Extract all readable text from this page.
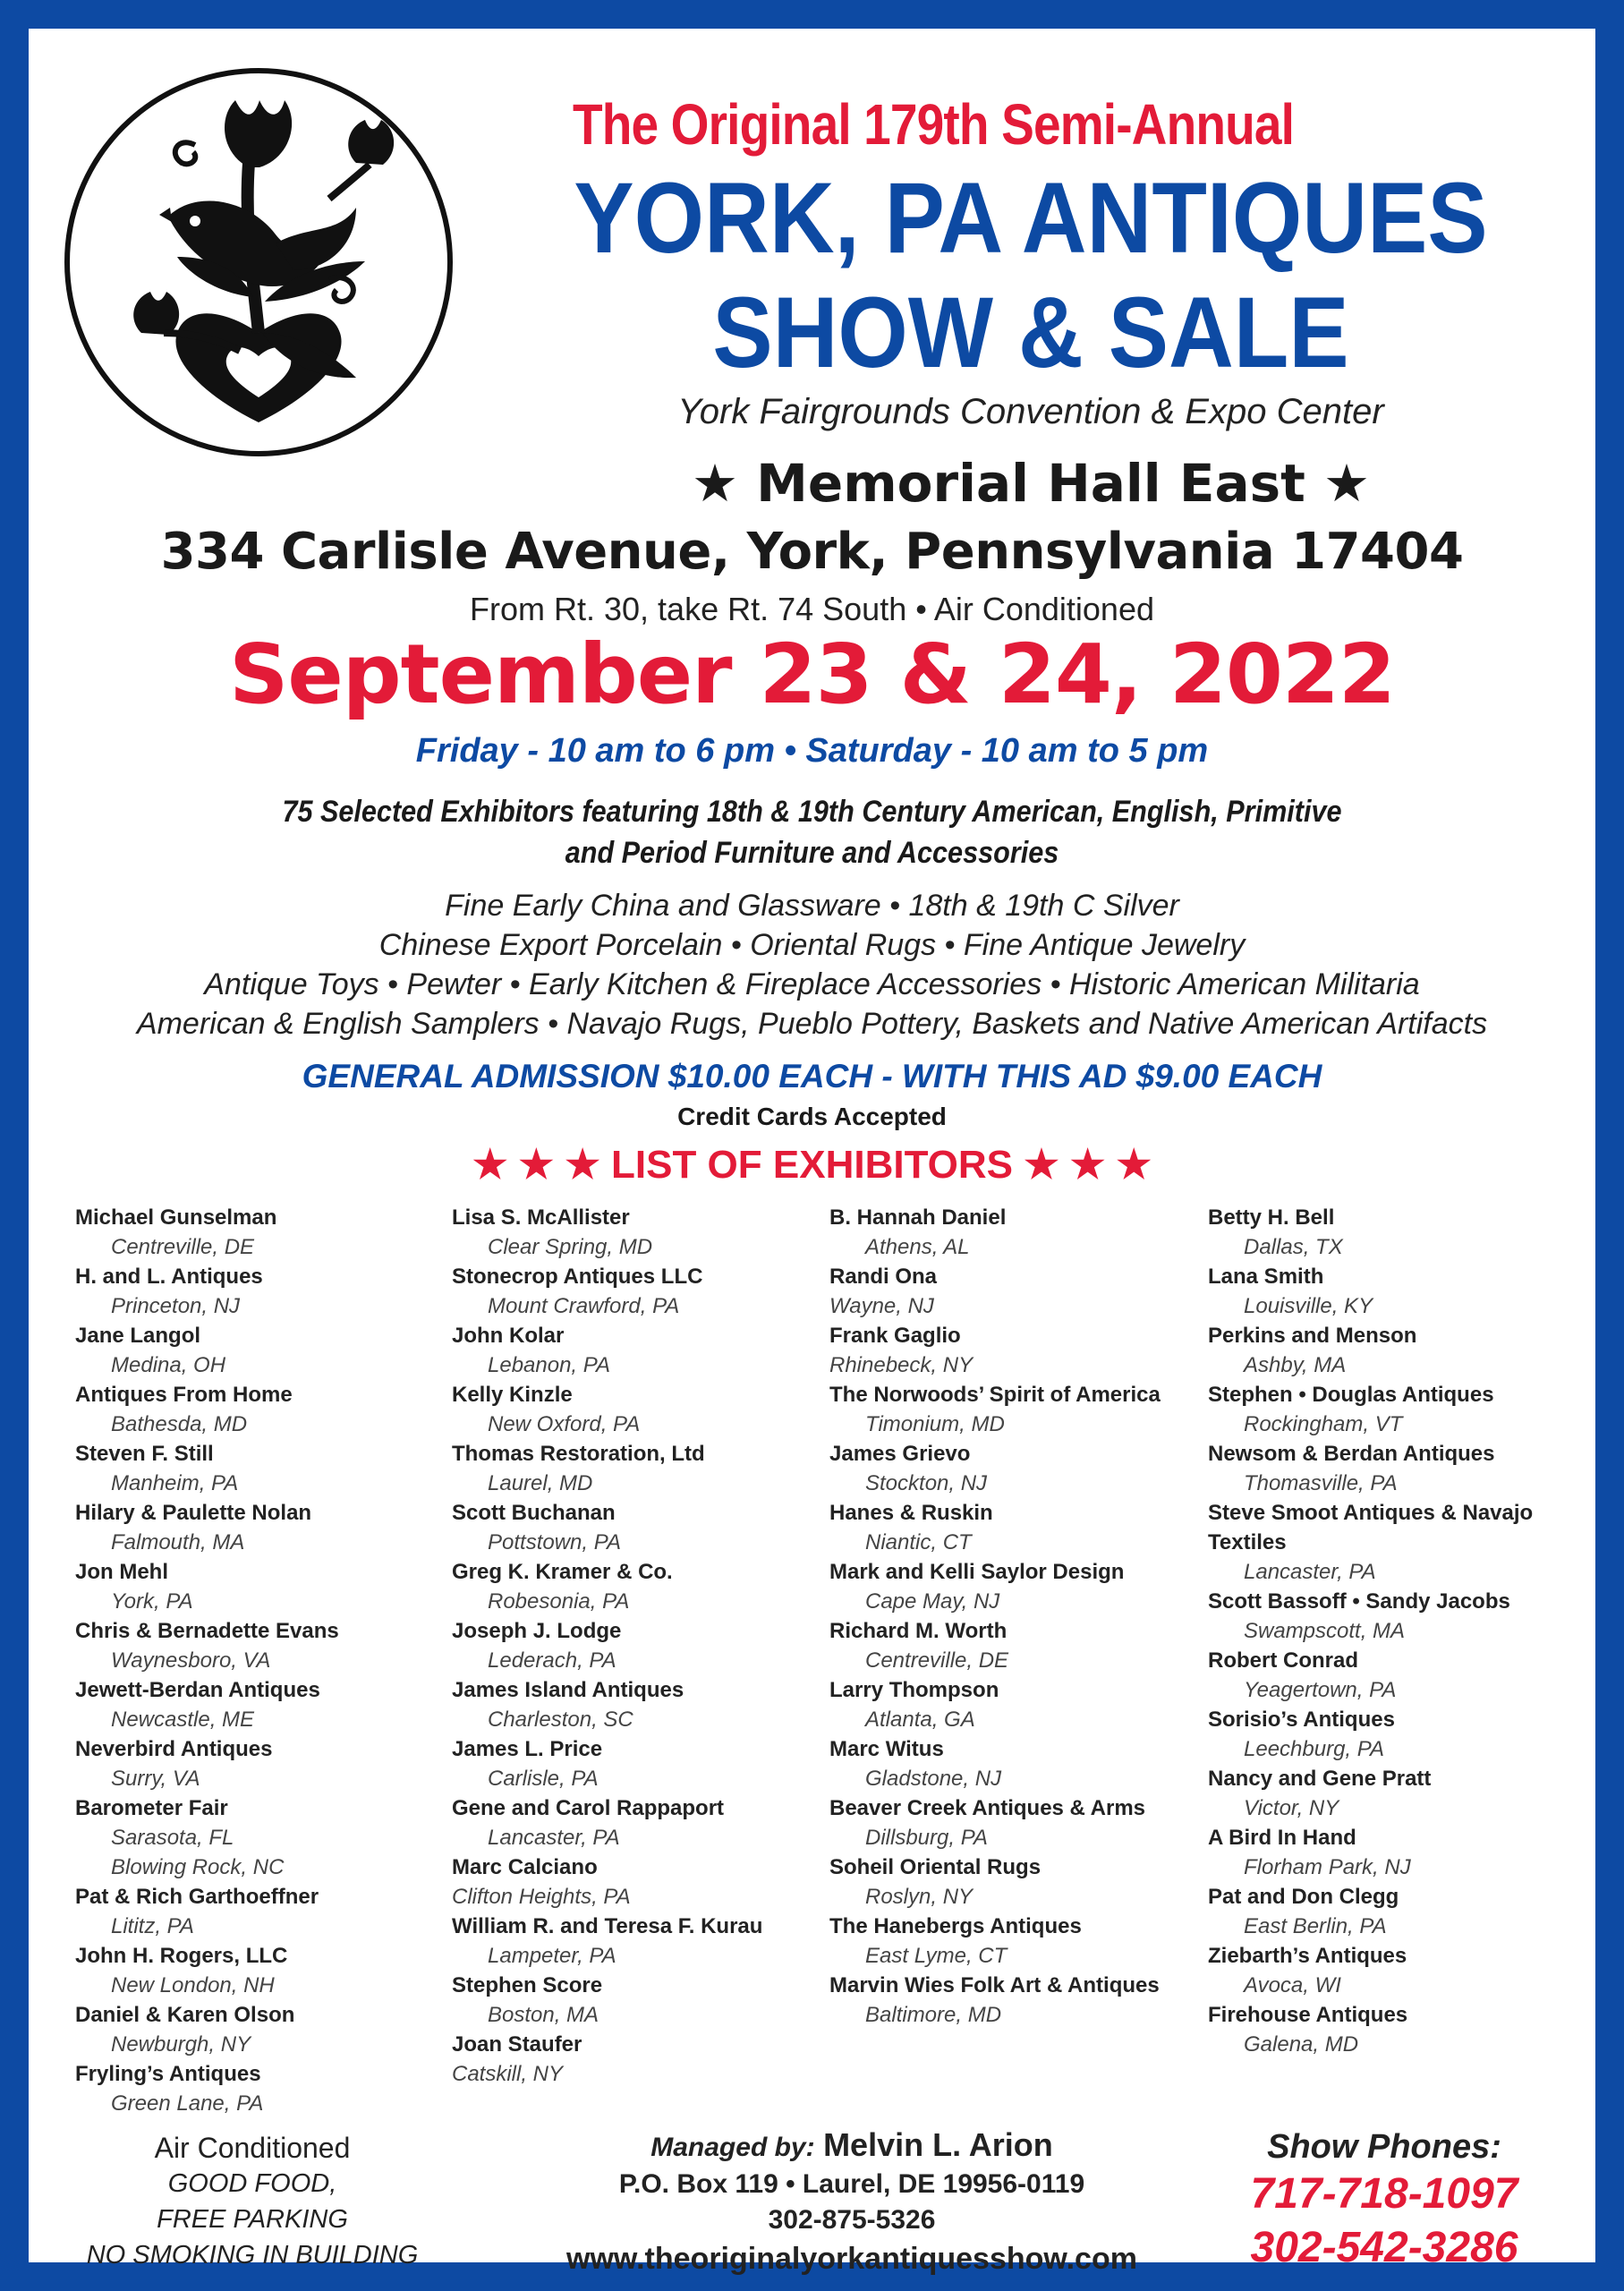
The Original 179th Semi-Annual
YORK, PA ANTIQUES
SHOW & SALE
York Fairgrounds Convention & Expo Center
★ Memorial Hall East ★
334 Carlisle Avenue, York, Pennsylvania 17404
From Rt. 30, take Rt. 74 South • Air Conditioned
September 23 & 24, 2022
Friday - 10 am to 6 pm • Saturday - 10 am to 5 pm
75 Selected Exhibitors featuring 18th & 19th Century American, English, Primitive
and Period Furniture and Accessories
Fine Early China and Glassware • 18th & 19th C Silver
Chinese Export Porcelain • Oriental Rugs • Fine Antique Jewelry
Antique Toys • Pewter • Early Kitchen & Fireplace Accessories • Historic American Militaria
American & English Samplers • Navajo Rugs, Pueblo Pottery, Baskets and Native American Artifacts
GENERAL ADMISSION $10.00 EACH - WITH THIS AD $9.00 EACH
Credit Cards Accepted
★ ★ ★ LIST OF EXHIBITORS ★ ★ ★
Michael Gunselman
Centreville, DE
H. and L. Antiques
Princeton, NJ
Jane Langol
Medina, OH
Antiques From Home
Bathesda, MD
Steven F. Still
Manheim, PA
Hilary & Paulette Nolan
Falmouth, MA
Jon Mehl
York, PA
Chris & Bernadette Evans
Waynesboro, VA
Jewett-Berdan Antiques
Newcastle, ME
Neverbird Antiques
Surry, VA
Barometer Fair
Sarasota, FL
Blowing Rock, NC
Pat & Rich Garthoeffner
Lititz, PA
John H. Rogers, LLC
New London, NH
Daniel & Karen Olson
Newburgh, NY
Fryling’s Antiques
Green Lane, PA
Lisa S. McAllister
Clear Spring, MD
Stonecrop Antiques LLC
Mount Crawford, PA
John Kolar
Lebanon, PA
Kelly Kinzle
New Oxford, PA
Thomas Restoration, Ltd
Laurel, MD
Scott Buchanan
Pottstown, PA
Greg K. Kramer & Co.
Robesonia, PA
Joseph J. Lodge
Lederach, PA
James Island Antiques
Charleston, SC
James L. Price
Carlisle, PA
Gene and Carol Rappaport
Lancaster, PA
Marc Calciano
Clifton Heights, PA
William R. and Teresa F. Kurau
Lampeter, PA
Stephen Score
Boston, MA
Joan Staufer
Catskill, NY
B. Hannah Daniel
Athens, AL
Randi Ona
Wayne, NJ
Frank Gaglio
Rhinebeck, NY
The Norwoods’ Spirit of America
Timonium, MD
James Grievo
Stockton, NJ
Hanes & Ruskin
Niantic, CT
Mark and Kelli Saylor Design
Cape May, NJ
Richard M. Worth
Centreville, DE
Larry Thompson
Atlanta, GA
Marc Witus
Gladstone, NJ
Beaver Creek Antiques & Arms
Dillsburg, PA
Soheil Oriental Rugs
Roslyn, NY
The Hanebergs Antiques
East Lyme, CT
Marvin Wies Folk Art & Antiques
Baltimore, MD
Betty H. Bell
Dallas, TX
Lana Smith
Louisville, KY
Perkins and Menson
Ashby, MA
Stephen • Douglas Antiques
Rockingham, VT
Newsom & Berdan Antiques
Thomasville, PA
Steve Smoot Antiques & Navajo Textiles
Lancaster, PA
Scott Bassoff • Sandy Jacobs
Swampscott, MA
Robert Conrad
Yeagertown, PA
Sorisio’s Antiques
Leechburg, PA
Nancy and Gene Pratt
Victor, NY
A Bird In Hand
Florham Park, NJ
Pat and Don Clegg
East Berlin, PA
Ziebarth’s Antiques
Avoca, WI
Firehouse Antiques
Galena, MD
Air Conditioned
GOOD FOOD,
FREE PARKING
NO SMOKING IN BUILDING
Managed by: Melvin L. Arion
P.O. Box 119 • Laurel, DE 19956-0119
302-875-5326
www.theoriginalyorkantiquesshow.com
Show Phones:
717-718-1097
302-542-3286
